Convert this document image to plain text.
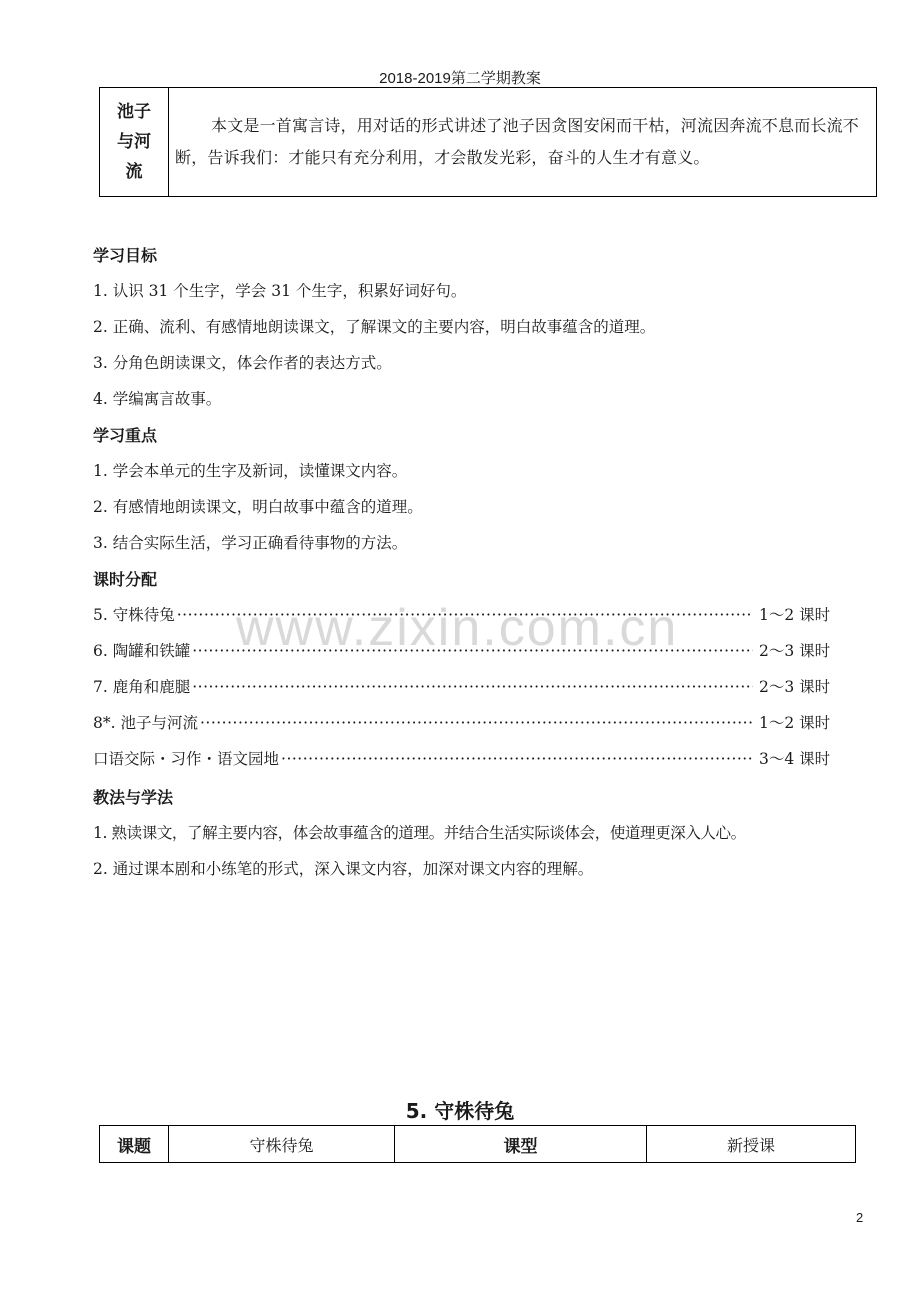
2018-2019第二学期教案
池子
与河
流
	本文是一首寓言诗，用对话的形式讲述了池子因贪图安闲而干枯，河流因奔流不息而长流不断，告诉我们：才能只有充分利用，才会散发光彩，奋斗的人生才有意义。
学习目标
1. 认识 31 个生字，学会 31 个生字，积累好词好句。
2. 正确、流利、有感情地朗读课文，了解课文的主要内容，明白故事蕴含的道理。
3. 分角色朗读课文，体会作者的表达方式。
4. 学编寓言故事。
学习重点
1. 学会本单元的生字及新词，读懂课文内容。
2. 有感情地朗读课文，明白故事中蕴含的道理。
3. 结合实际生活，学习正确看待事物的方法。
课时分配
www.zixin.com.cn
5. 守株待兔 ·····	1～2 课时
6. 陶罐和铁罐 ·····	2～3 课时
7. 鹿角和鹿腿 ·····	2～3 课时
8*. 池子与河流 ·····	1～2 课时
口语交际・习作・语文园地 ·····	3～4 课时
教法与学法
1. 熟读课文，了解主要内容，体会故事蕴含的道理。并结合生活实际谈体会，使道理更深入人心。
2. 通过课本剧和小练笔的形式，深入课文内容，加深对课文内容的理解。
5. 守株待兔
课题	守株待兔	课型	新授课
2
